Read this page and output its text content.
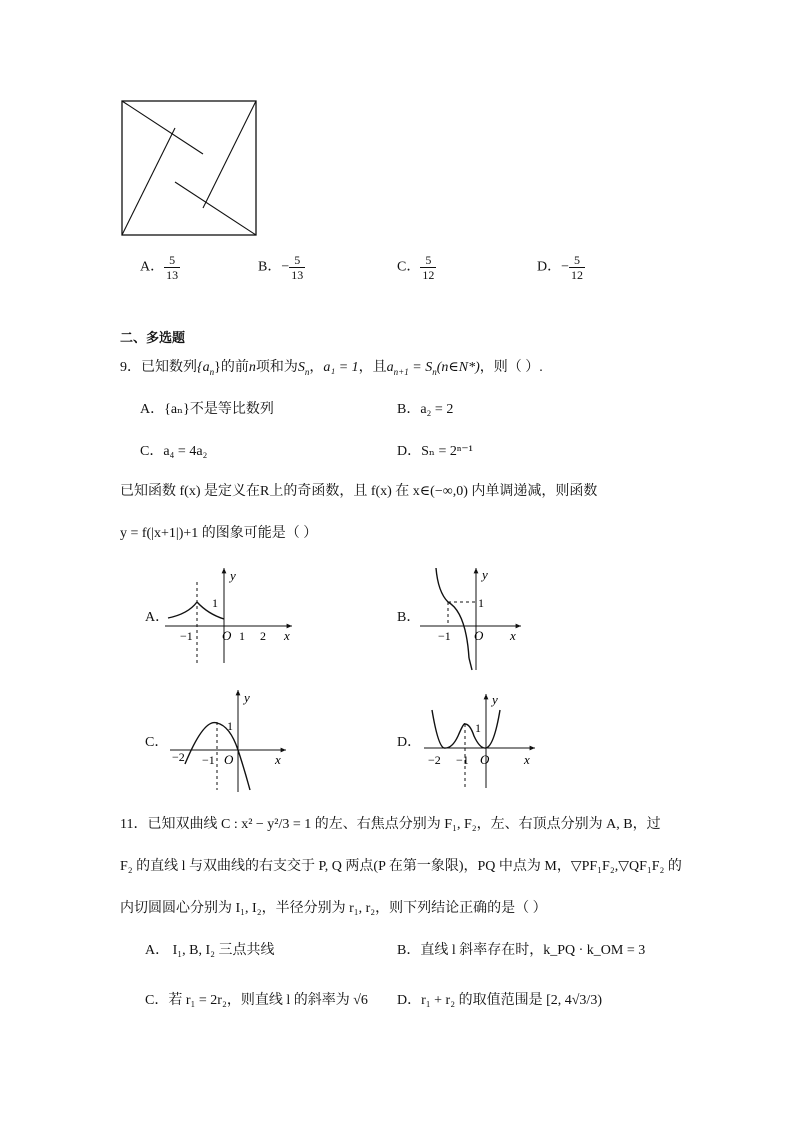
A． $\frac{5}{13}$	B．− $\frac{5}{13}$	C． $\frac{5}{12}$	D．− $\frac{5}{12}$
二、多选题
9．已知数列$\{a_n\}$的前n项和为$S_n$，a₁ = 1，且$a_{n+1}$ = $S_n(n\in N*)$，则（ ）.
A．{aₙ}不是等比数列	B．a₂ = 2
C．a₄ = 4a₂	D．Sₙ = 2ⁿ⁻¹
已知函数 f(x) 是定义在R上的奇函数，且 f(x) 在 x∈(−∞,0) 内单调递减，则函数
y = f(|x+1|)+1 的图象可能是（ ）
A．	B．
C．	D．
y
x
1
−1 O 1 2
y
x
1
−1 O
y
x
1
−2 −1 O
y
x
1
−2 −1 O
11．已知双曲线 C : x² − y²/3 = 1 的左、右焦点分别为 F₁, F₂，左、右顶点分别为 A, B，过
F₂ 的直线 l 与双曲线的右支交于 P, Q 两点(P 在第一象限)，PQ 中点为 M，▽PF₁F₂,▽QF₁F₂ 的
内切圆圆心分别为 I₁, I₂，半径分别为 r₁, r₂，则下列结论正确的是（ ）
A． I₁, B, I₂ 三点共线	B．直线 l 斜率存在时，k_PQ · k_OM = 3
C．若 r₁ = 2r₂，则直线 l 的斜率为 √6 D．r₁ + r₂ 的取值范围是 [2, 4√3/3)
